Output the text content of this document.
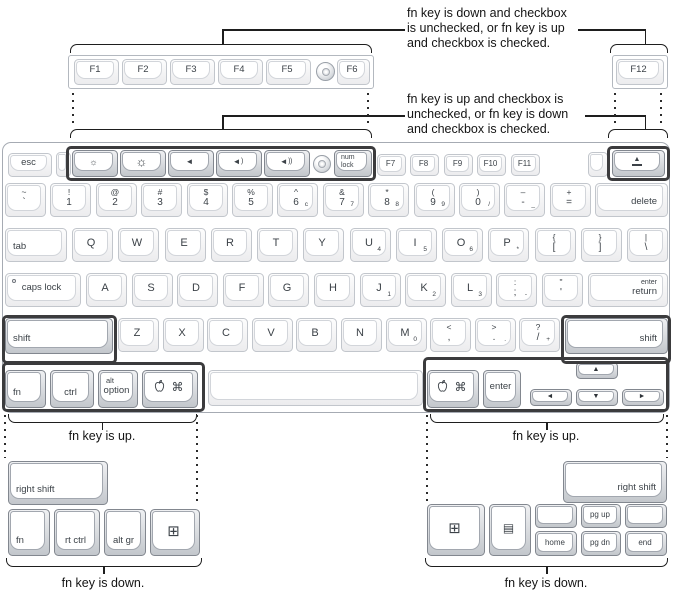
fn key is down and checkbox
is unchecked, or fn key is up
and checkbox is checked.
fn key is up and checkbox is
unchecked, or fn key is down
and checkbox is checked.
fn key is up.	fn key is up.
fn key is down.	fn key is down.
F1	F2	F3	F4	F5	F6	F12
esc	☼	☼	◄	◄ )	◄ ))	num
lock	F7	F8	F9	F10	F11	▲
~
`
!
1
@
2
#
3
$
4
%
5
^
6 c
&
7 7
*
8 8
(
9 9
)
0 /
–
- _
+
=	delete
tab	Q	W	E	R	T	Y	U 4	I 5	O 6	P *
{
[
}
]
|
\
caps lock	A	S	D	F	G	H	J 1	K 2	L 3
:
; -
"
'
enter
return
shift	Z	X	C	V	B	N	M 0
<
,
>
. .
?
/ +	shift
fn	ctrl
alt
option	⌘	⌘ enter
◄
▲
▼	►
right shift
fn	rt ctrl	alt gr
⊞
right shift
⊞	▤
pg up
home	pg dn	end
